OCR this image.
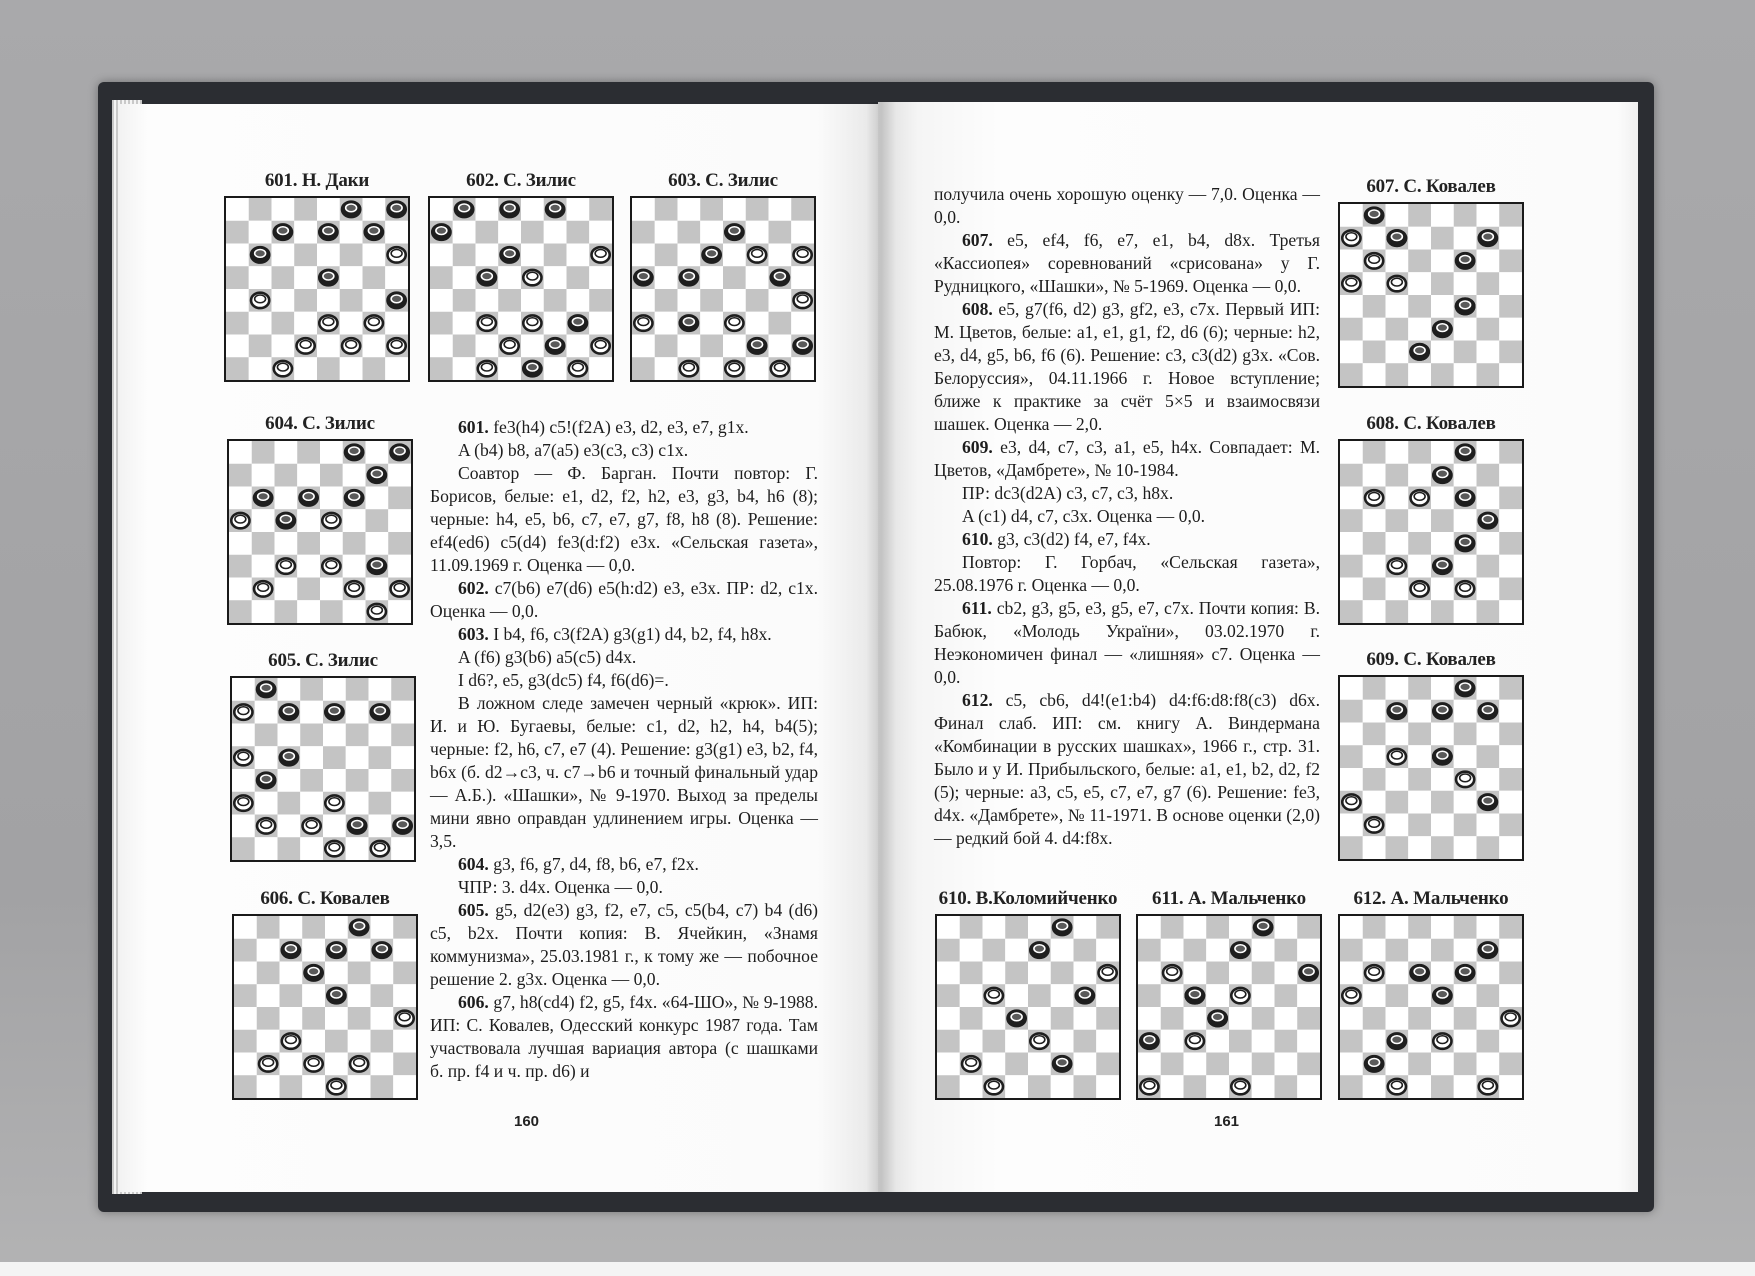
601. Н. Даки	602. С. Зилис	603. С. Зилис
604. С. Зилис
605. С. Зилис
606. С. Ковалев
607. С. Ковалев
608. С. Ковалев
609. С. Ковалев
610. В.Коломийченко	611. А. Мальченко	612. А. Мальченко

601. fe3(h4) c5!(f2A) e3, d2, e3, e7, g1x.

A (b4) b8, a7(a5) e3(c3, c3) c1x.

Соавтор — Ф. Барган. Почти повтор: Г. Борисов, белые: e1, d2, f2, h2, e3, g3, b4, h6 (8); черные: h4, e5, b6, c7, e7, g7, f8, h8 (8). Решение: ef4(ed6) c5(d4) fe3(d:f2) e3x. «Сельская газета», 11.09.1969 г. Оценка — 0,0.

602. c7(b6) e7(d6) e5(h:d2) e3, e3x. ПР: d2, c1x. Оценка — 0,0.

603. I b4, f6, c3(f2A) g3(g1) d4, b2, f4, h8x.

A (f6) g3(b6) a5(c5) d4x.

I d6?, e5, g3(dc5) f4, f6(d6)=.

В ложном следе замечен черный «крюк». ИП: И. и Ю. Бугаевы, белые: c1, d2, h2, h4, b4(5); черные: f2, h6, c7, e7 (4). Решение: g3(g1) e3, b2, f4, b6x (б. d2→c3, ч. c7→b6 и точный финальный удар — А.Б.). «Шашки», № 9-1970. Выход за пределы мини явно оправдан удлинением игры. Оценка — 3,5.

604. g3, f6, g7, d4, f8, b6, e7, f2x.

ЧПР: 3. d4x. Оценка — 0,0.

605. g5, d2(e3) g3, f2, e7, c5, c5(b4, c7) b4 (d6) c5, b2x. Почти копия: В. Ячейкин, «Знамя коммунизма», 25.03.1981 г., к тому же — побочное решение 2. g3x. Оценка — 0,0.

606. g7, h8(cd4) f2, g5, f4x. «64-ШО», № 9-1988. ИП: С. Ковалев, Одесский конкурс 1987 года. Там участвовала лучшая вариация автора (с шашками б. пр. f4 и ч. пр. d6) и

получила очень хорошую оценку — 7,0. Оценка — 0,0.

607. e5, ef4, f6, e7, e1, b4, d8x. Третья «Кассиопея» соревнований «срисована» у Г. Рудницкого, «Шашки», № 5-1969. Оценка — 0,0.

608. e5, g7(f6, d2) g3, gf2, e3, c7x. Первый ИП: М. Цветов, белые: a1, e1, g1, f2, d6 (6); черные: h2, e3, d4, g5, b6, f6 (6). Решение: c3, c3(d2) g3x. «Сов. Белоруссия», 04.11.1966 г. Новое вступление; ближе к практике за счёт 5×5 и взаимосвязи шашек. Оценка — 2,0.

609. e3, d4, c7, c3, a1, e5, h4x. Совпадает: М. Цветов, «Дамбрете», № 10-1984.

ПР: dc3(d2A) c3, c7, c3, h8x.

A (c1) d4, c7, c3x. Оценка — 0,0.

610. g3, c3(d2) f4, e7, f4x.

Повтор: Г. Горбач, «Сельская газета», 25.08.1976 г. Оценка — 0,0.

611. cb2, g3, g5, e3, g5, e7, c7x. Почти копия: В. Бабюк, «Молодь України», 03.02.1970 г. Неэкономичен финал — «лишняя» c7. Оценка — 0,0.

612. c5, cb6, d4!(e1:b4) d4:f6:d8:f8(c3) d6x. Финал слаб. ИП: см. книгу А. Виндермана «Комбинации в русских шашках», 1966 г., стр. 31. Было и у И. Прибыльского, белые: a1, e1, b2, d2, f2 (5); черные: a3, c5, e5, c7, e7, g7 (6). Решение: fe3, d4x. «Дамбрете», № 11-1971. В основе оценки (2,0) — редкий бой 4. d4:f8x.

160	161
